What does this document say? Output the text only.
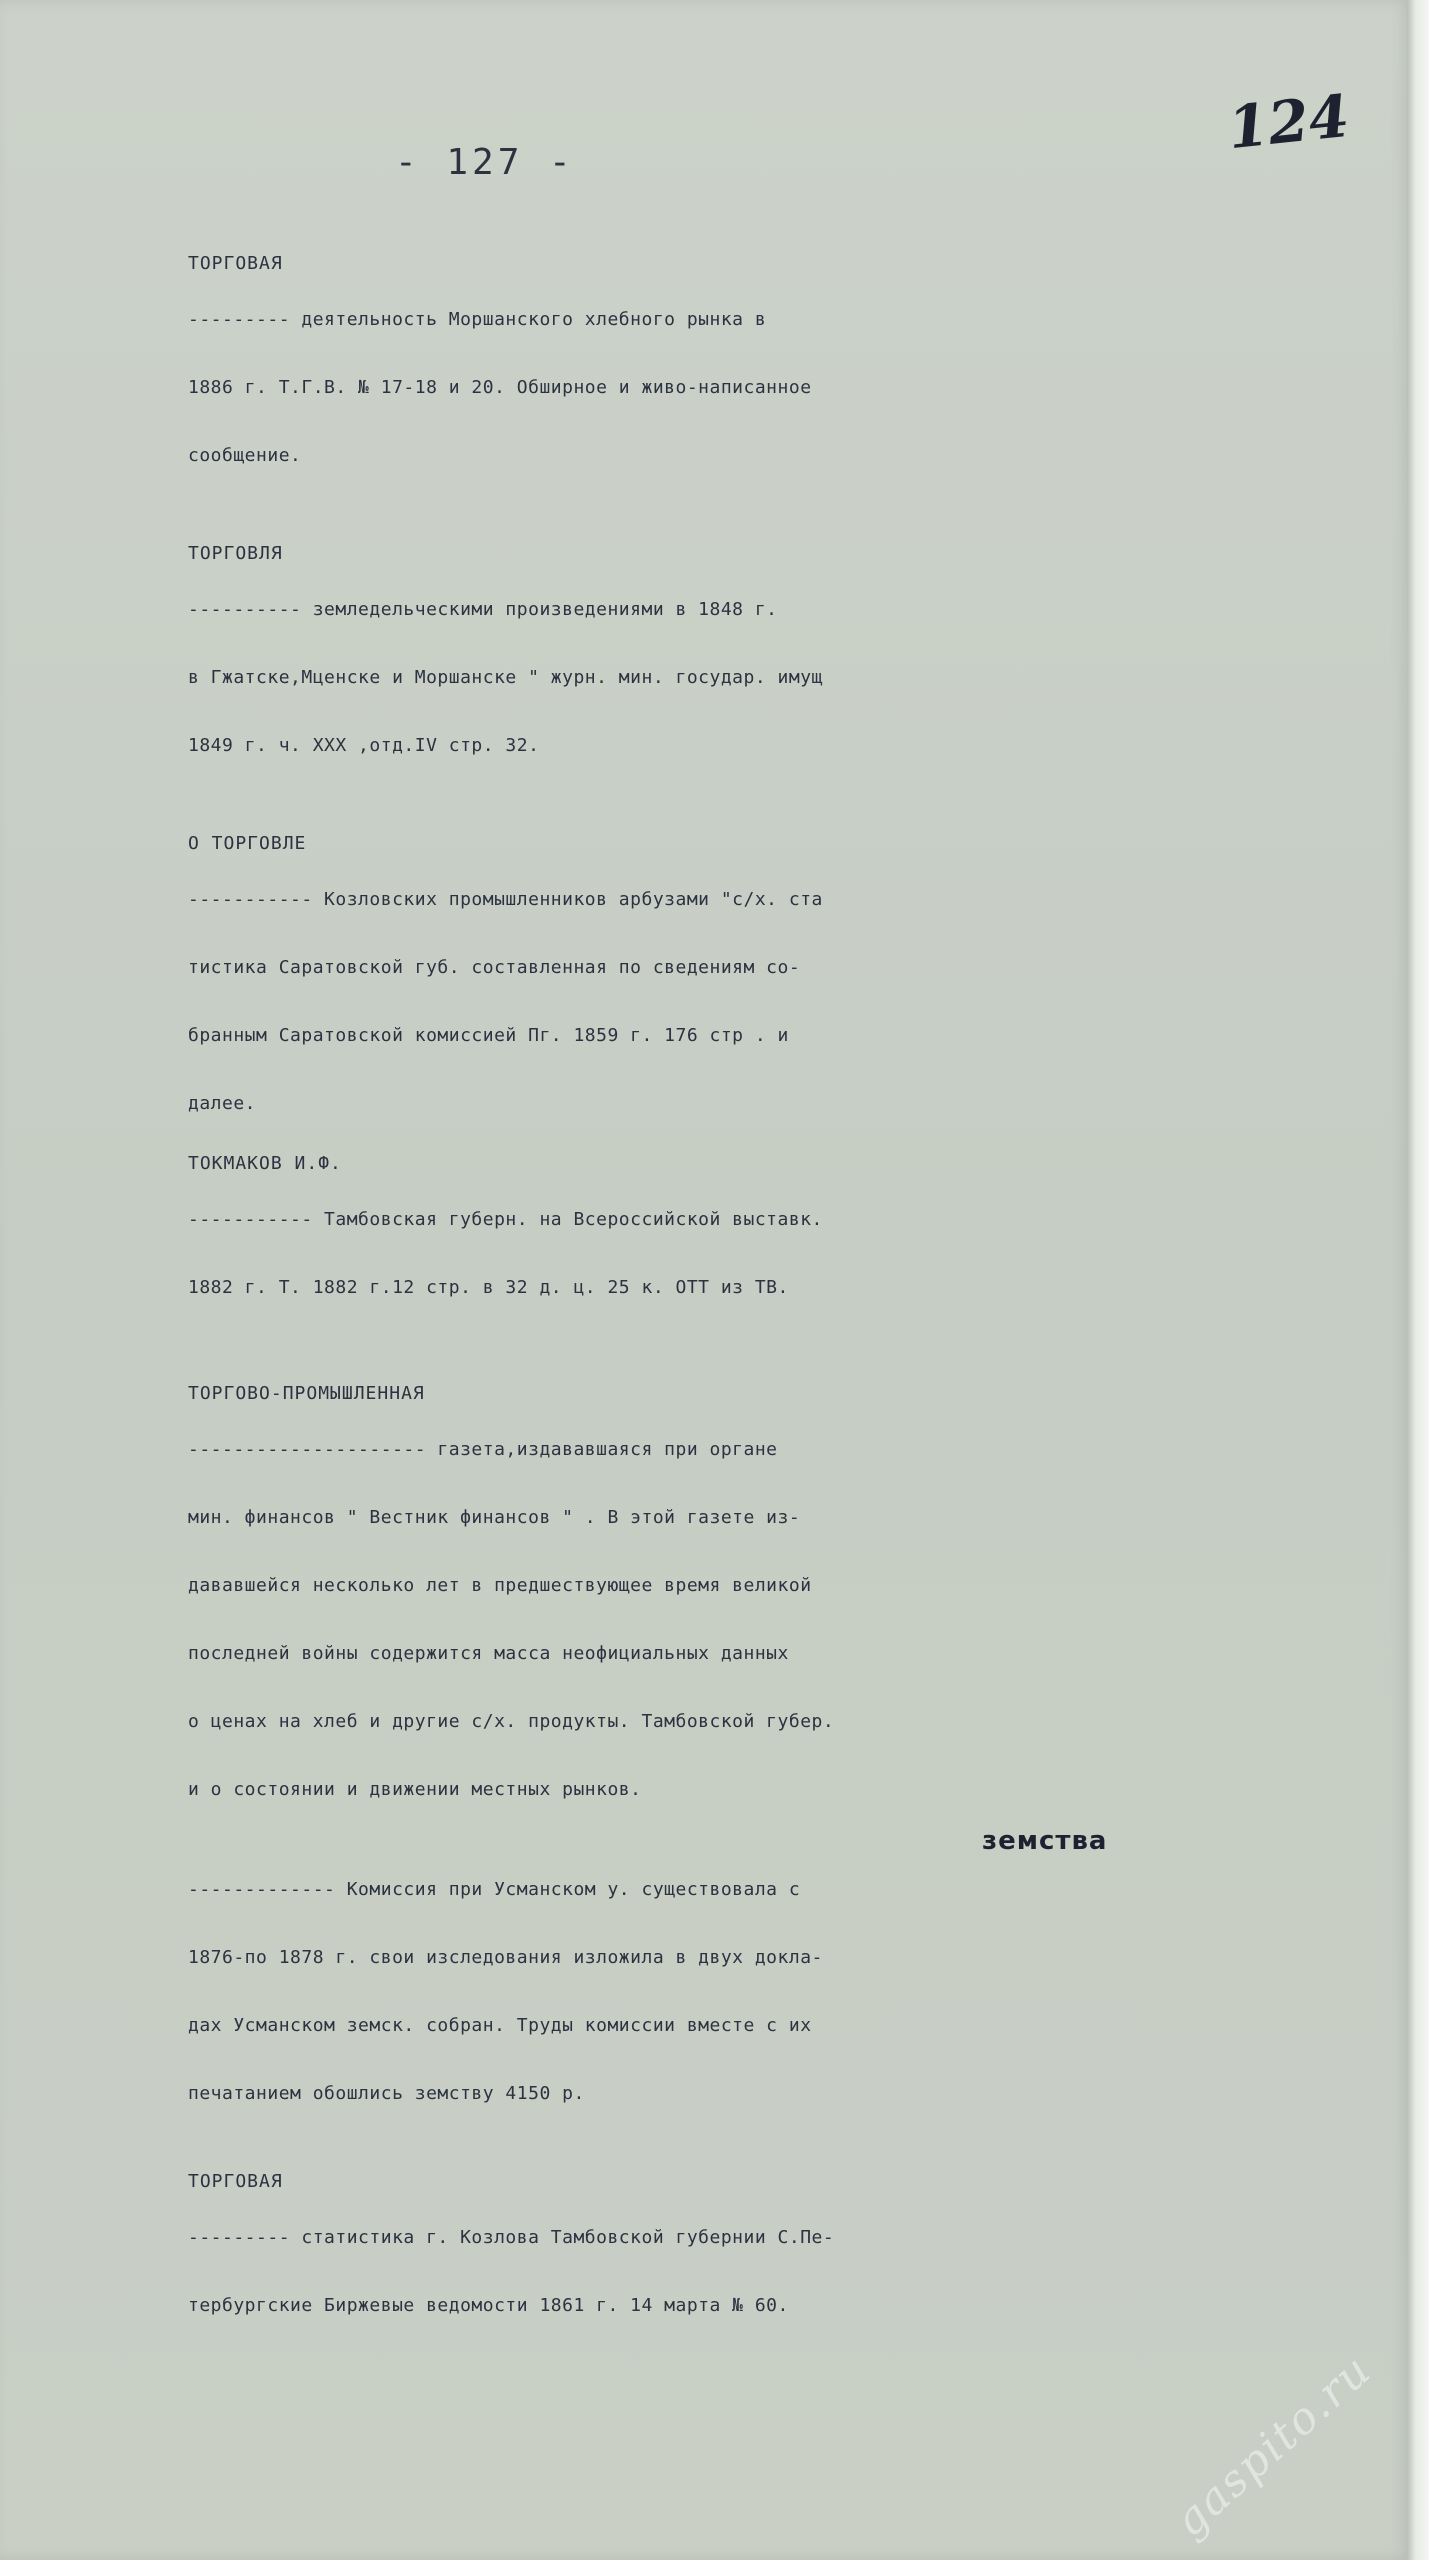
- 127 -
124
ТОРГОВАЯ
--------- деятельность Моршанского хлебного рынка в
1886 г. Т.Г.В. № 17-18 и 20. Обширное и живо-написанное
сообщение.
ТОРГОВЛЯ
---------- земледельческими произведениями в 1848 г.
в Гжатске,Мценске и Моршанске " журн. мин. государ. имущ
1849 г. ч. XXX ,отд.IV стр. 32.
О ТОРГОВЛЕ
----------- Козловских промышленников арбузами "с/х. ста
тистика Саратовской губ. составленная по сведениям со-
бранным Саратовской комиссией Пг. 1859 г. 176 стр . и
далее.
ТОКМАКОВ И.Ф.
----------- Тамбовская губерн. на Всероссийской выставк.
1882 г. Т. 1882 г.12 стр. в 32 д. ц. 25 к. ОТТ из ТВ.
ТОРГОВО-ПРОМЫШЛЕННАЯ
--------------------- газета,издававшаяся при органе
мин. финансов " Вестник финансов " . В этой газете из-
дававшейся несколько лет в предшествующее время великой
последней войны содержится масса неофициальных данных
о ценах на хлеб и другие с/х. продукты. Тамбовской губер.
и о состоянии и движении местных рынков.
земства
------------- Комиссия при Усманском у. существовала с
1876-по 1878 г. свои изследования изложила в двух докла-
дах Усманском земск. собран. Труды комиссии вместе с их
печатанием обошлись земству 4150 р.
ТОРГОВАЯ
--------- статистика г. Козлова Тамбовской губернии С.Пе-
тербургские Биржевые ведомости 1861 г. 14 марта № 60.
gaspito.ru
